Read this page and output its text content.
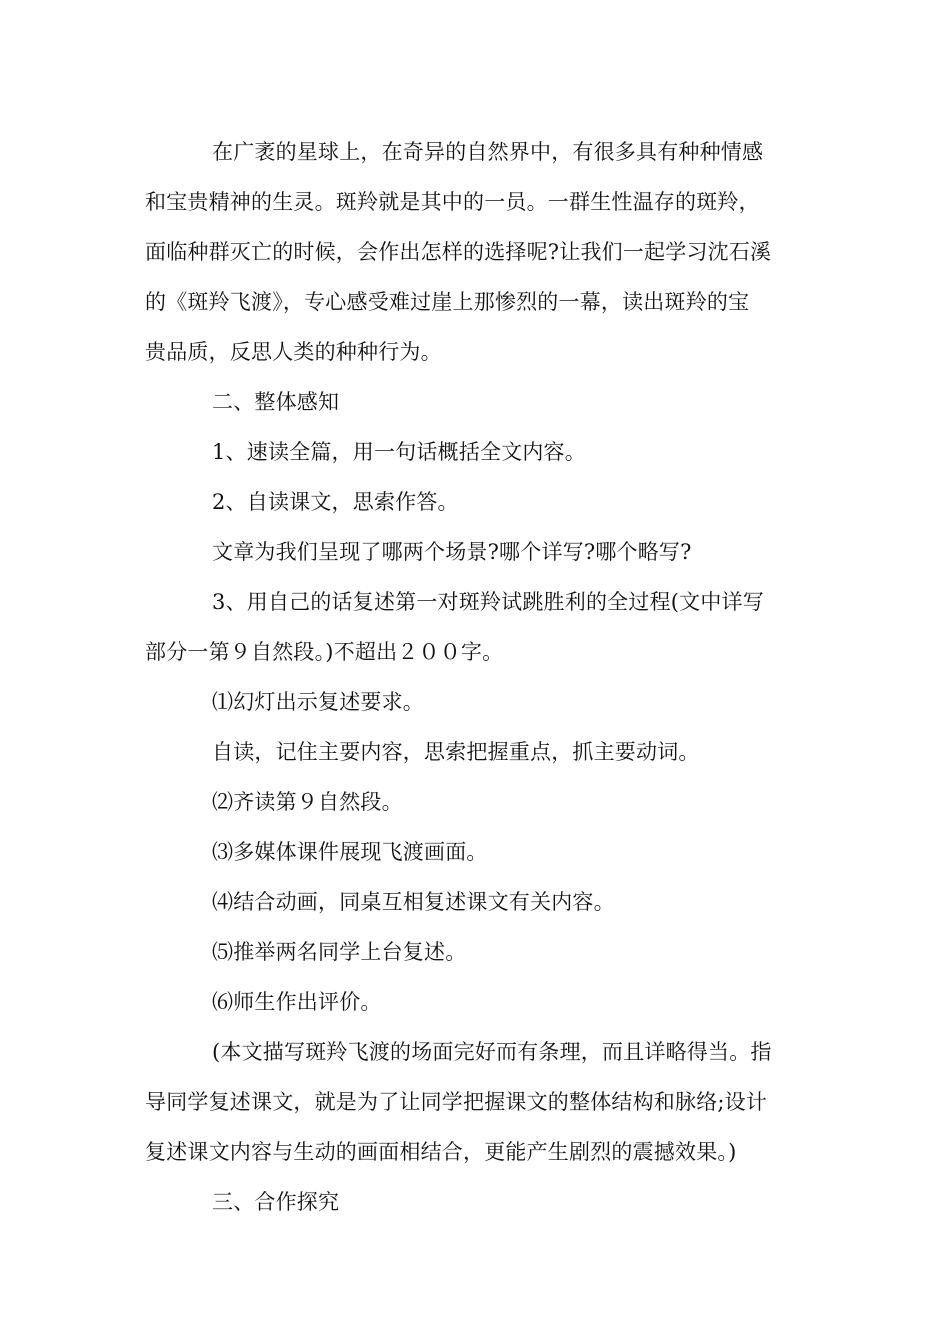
在广袤的星球上，在奇异的自然界中，有很多具有种种情感
和宝贵精神的生灵。斑羚就是其中的一员。一群生性温存的斑羚，
面临种群灭亡的时候，会作出怎样的选择呢?让我们一起学习沈石溪
的《斑羚飞渡》，专心感受难过崖上那惨烈的一幕，读出斑羚的宝
贵品质，反思人类的种种行为。
二、整体感知
1、速读全篇，用一句话概括全文内容。
2、自读课文，思索作答。
文章为我们呈现了哪两个场景?哪个详写?哪个略写?
3、用自己的话复述第一对斑羚试跳胜利的全过程(文中详写
部分一第９自然段。)不超出２００字。
⑴幻灯出示复述要求。
自读，记住主要内容，思索把握重点，抓主要动词。
⑵齐读第９自然段。
⑶多媒体课件展现飞渡画面。
⑷结合动画，同桌互相复述课文有关内容。
⑸推举两名同学上台复述。
⑹师生作出评价。
(本文描写斑羚飞渡的场面完好而有条理，而且详略得当。指
导同学复述课文，就是为了让同学把握课文的整体结构和脉络;设计
复述课文内容与生动的画面相结合，更能产生剧烈的震撼效果。)
三、合作探究
